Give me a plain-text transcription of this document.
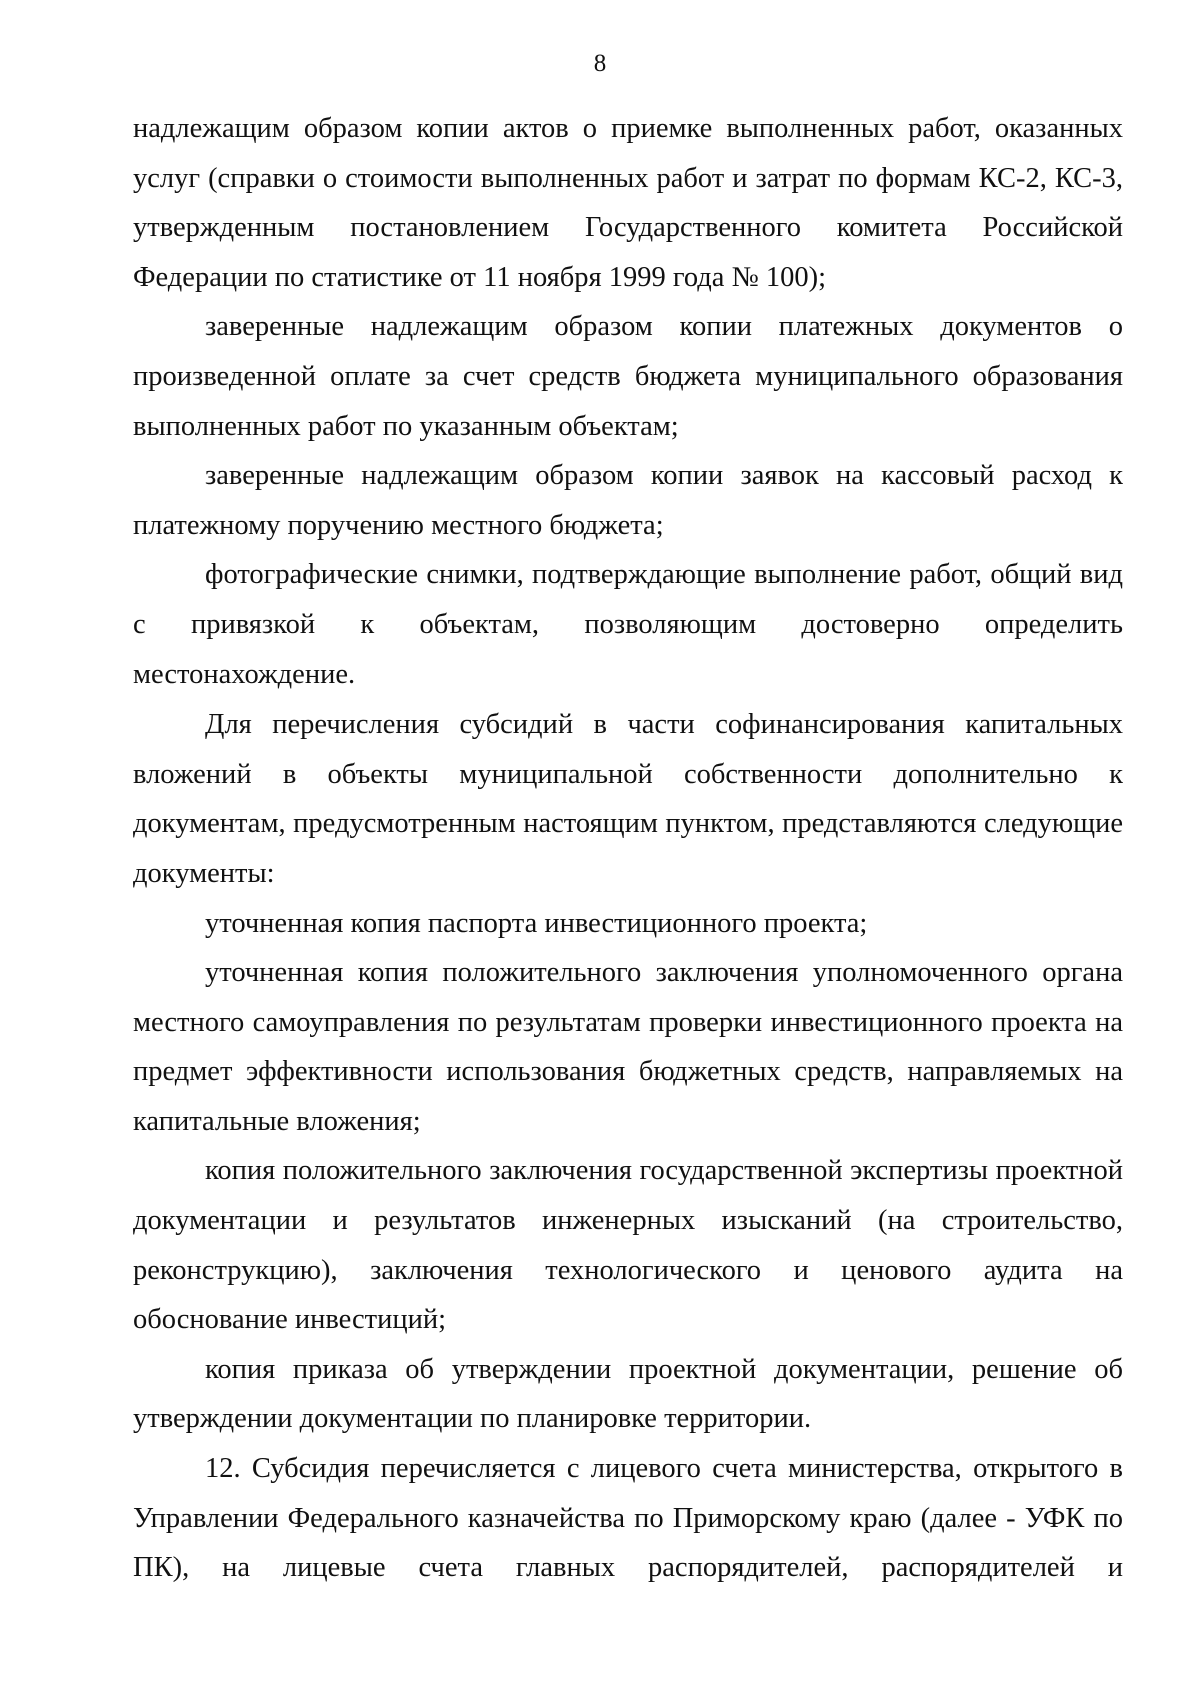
8

надлежащим образом копии актов о приемке выполненных работ, оказанных услуг (справки о стоимости выполненных работ и затрат по формам КС-2, КС-3, утвержденным постановлением Государственного комитета Российской Федерации по статистике от 11 ноября 1999 года № 100);

заверенные надлежащим образом копии платежных документов о произведенной оплате за счет средств бюджета муниципального образования выполненных работ по указанным объектам;

заверенные надлежащим образом копии заявок на кассовый расход к платежному поручению местного бюджета;

фотографические снимки, подтверждающие выполнение работ, общий вид с привязкой к объектам, позволяющим достоверно определить местонахождение.

Для перечисления субсидий в части софинансирования капитальных вложений в объекты муниципальной собственности дополнительно к документам, предусмотренным настоящим пунктом, представляются следующие документы:

уточненная копия паспорта инвестиционного проекта;

уточненная копия положительного заключения уполномоченного органа местного самоуправления по результатам проверки инвестиционного проекта на предмет эффективности использования бюджетных средств, направляемых на капитальные вложения;

копия положительного заключения государственной экспертизы проектной документации и результатов инженерных изысканий (на строительство, реконструкцию), заключения технологического и ценового аудита на обоснование инвестиций;

копия приказа об утверждении проектной документации, решение об утверждении документации по планировке территории.

12. Субсидия перечисляется с лицевого счета министерства, открытого в Управлении Федерального казначейства по Приморскому краю (далее - УФК по ПК), на лицевые счета главных распорядителей, распорядителей и
